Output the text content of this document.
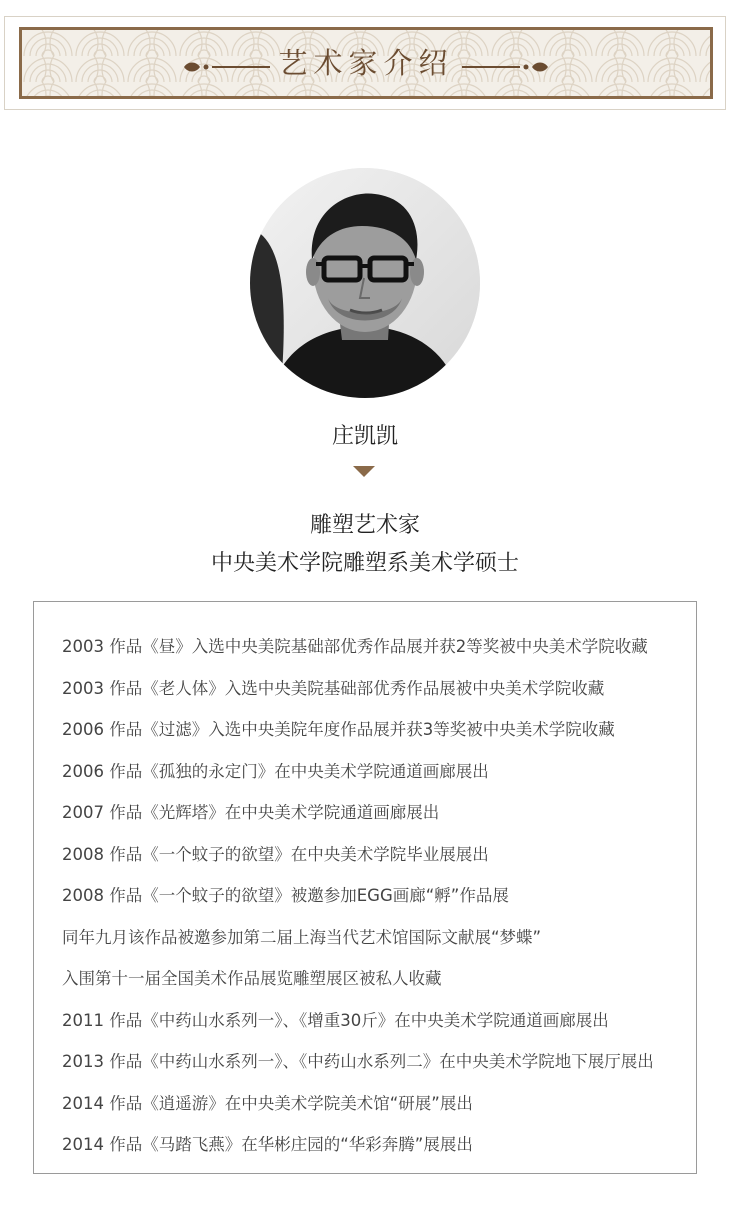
艺术家介绍
庄凯凯
雕塑艺术家
中央美术学院雕塑系美术学硕士
2003 作品《昼》入选中央美院基础部优秀作品展并获2等奖被中央美术学院收藏
2003 作品《老人体》入选中央美院基础部优秀作品展被中央美术学院收藏
2006 作品《过滤》入选中央美院年度作品展并获3等奖被中央美术学院收藏
2006 作品《孤独的永定门》在中央美术学院通道画廊展出
2007 作品《光辉塔》在中央美术学院通道画廊展出
2008 作品《一个蚊子的欲望》在中央美术学院毕业展展出
2008 作品《一个蚊子的欲望》被邀参加EGG画廊“孵”作品展
同年九月该作品被邀参加第二届上海当代艺术馆国际文献展“梦蝶”
入围第十一届全国美术作品展览雕塑展区被私人收藏
2011 作品《中药山水系列一》、《增重30斤》在中央美术学院通道画廊展出
2013 作品《中药山水系列一》、《中药山水系列二》在中央美术学院地下展厅展出
2014 作品《逍遥游》在中央美术学院美术馆“研展”展出
2014 作品《马踏飞燕》在华彬庄园的“华彩奔腾”展展出
